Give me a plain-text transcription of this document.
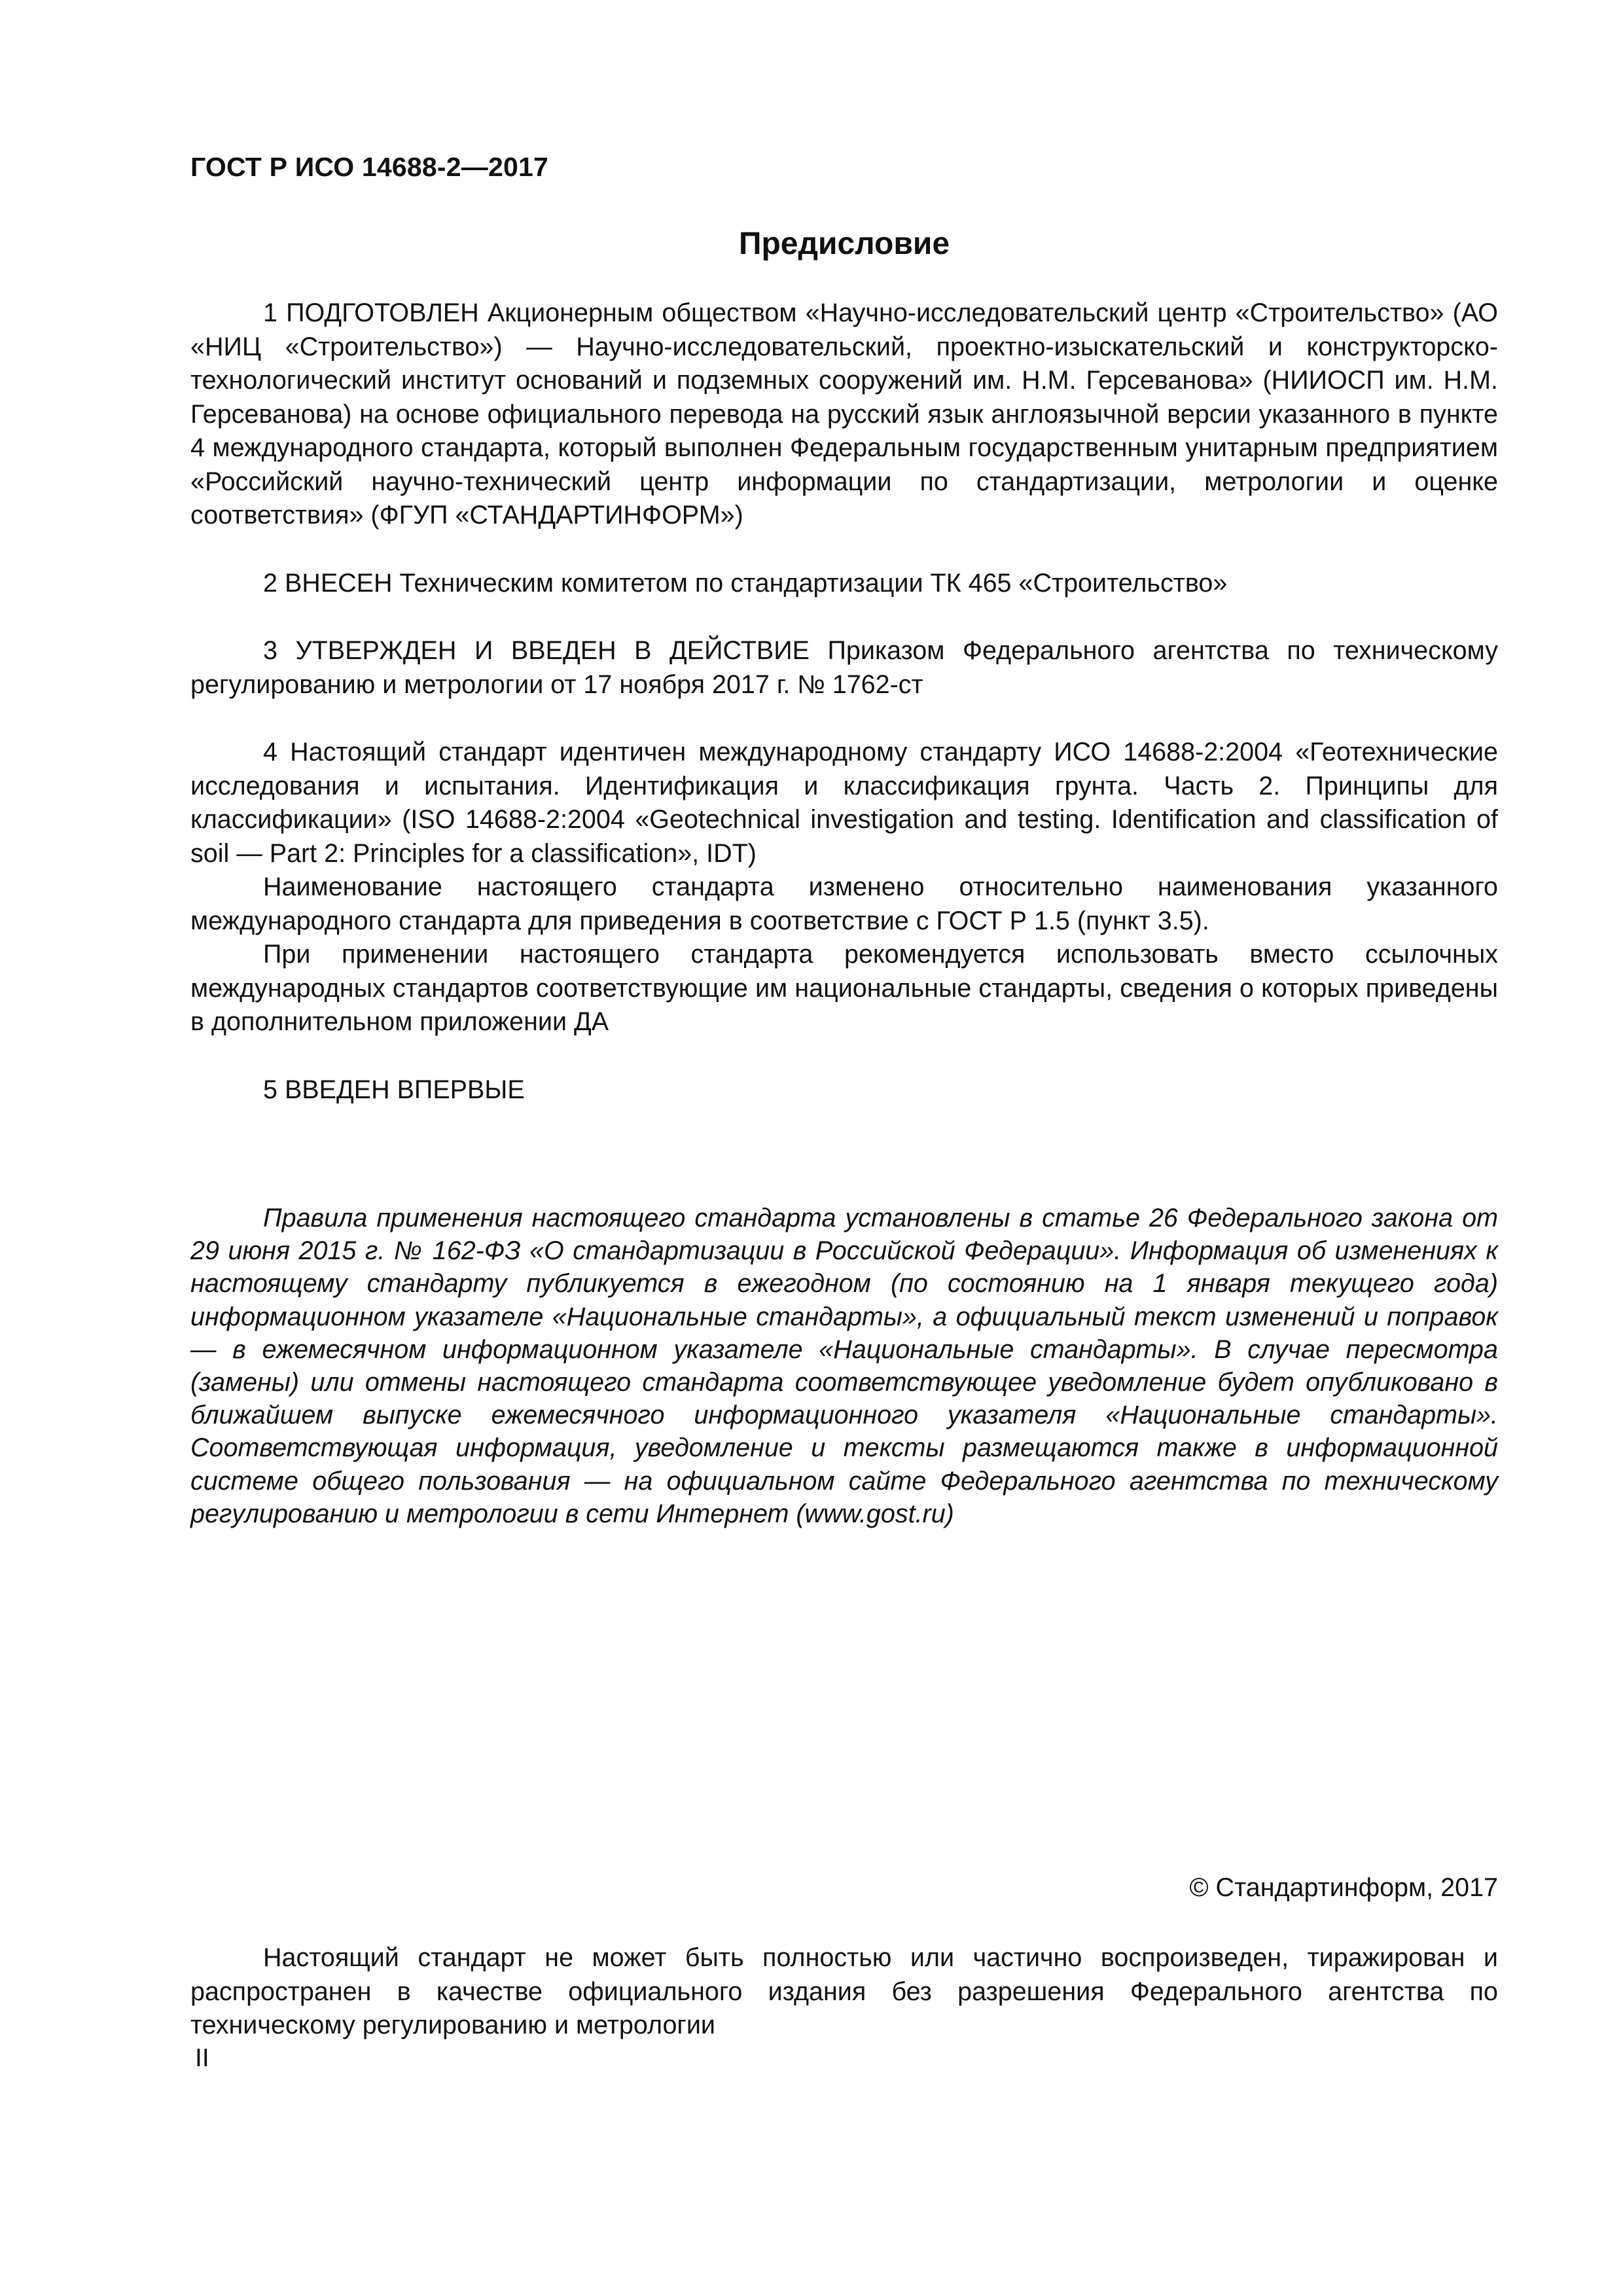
ГОСТ Р ИСО 14688-2—2017
Предисловие

1 ПОДГОТОВЛЕН Акционерным обществом «Научно-исследовательский центр «Строительство» (АО «НИЦ «Строительство») — Научно-исследовательский, проектно-изыскательский и конструкторско-технологический институт оснований и подземных сооружений им. Н.М. Герсеванова» (НИИОСП им. Н.М. Герсеванова) на основе официального перевода на русский язык англоязычной версии указанного в пункте 4 международного стандарта, который выполнен Федеральным государственным унитарным предприятием «Российский научно-технический центр информации по стандартизации, метрологии и оценке соответствия» (ФГУП «СТАНДАРТИНФОРМ»)

2 ВНЕСЕН Техническим комитетом по стандартизации ТК 465 «Строительство»

3 УТВЕРЖДЕН И ВВЕДЕН В ДЕЙСТВИЕ Приказом Федерального агентства по техническому регулированию и метрологии от 17 ноября 2017 г. № 1762-ст

4 Настоящий стандарт идентичен международному стандарту ИСО 14688-2:2004 «Геотехнические исследования и испытания. Идентификация и классификация грунта. Часть 2. Принципы для классификации» (ISO 14688-2:2004 «Geotechnical investigation and testing. Identification and classification of soil — Part 2: Principles for a classification», IDT)

Наименование настоящего стандарта изменено относительно наименования указанного международного стандарта для приведения в соответствие с ГОСТ Р 1.5 (пункт 3.5).

При применении настоящего стандарта рекомендуется использовать вместо ссылочных международных стандартов соответствующие им национальные стандарты, сведения о которых приведены в дополнительном приложении ДА

5 ВВЕДЕН ВПЕРВЫЕ

Правила применения настоящего стандарта установлены в статье 26 Федерального закона от 29 июня 2015 г. № 162-ФЗ «О стандартизации в Российской Федерации». Информация об изменениях к настоящему стандарту публикуется в ежегодном (по состоянию на 1 января текущего года) информационном указателе «Национальные стандарты», а официальный текст изменений и поправок — в ежемесячном информационном указателе «Национальные стандарты». В случае пересмотра (замены) или отмены настоящего стандарта соответствующее уведомление будет опубликовано в ближайшем выпуске ежемесячного информационного указателя «Национальные стандарты». Соответствующая информация, уведомление и тексты размещаются также в информационной системе общего пользования — на официальном сайте Федерального агентства по техническому регулированию и метрологии в сети Интернет (www.gost.ru)

© Стандартинформ, 2017

Настоящий стандарт не может быть полностью или частично воспроизведен, тиражирован и распространен в качестве официального издания без разрешения Федерального агентства по техническому регулированию и метрологии

II
